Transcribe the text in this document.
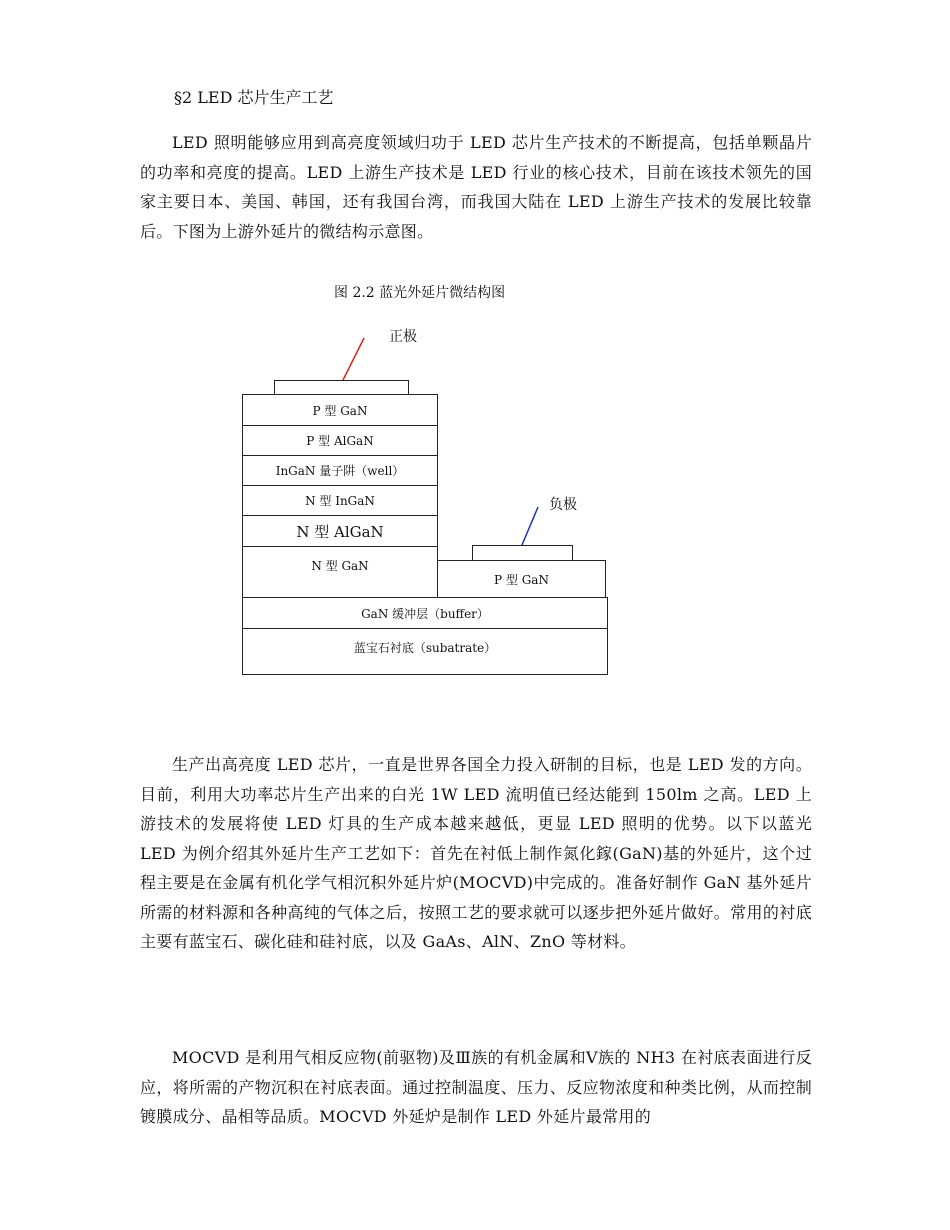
§2 LED 芯片生产工艺
LED 照明能够应用到高亮度领域归功于 LED 芯片生产技术的不断提高，包括单颗晶片的功率和亮度的提高。LED 上游生产技术是 LED 行业的核心技术，目前在该技术领先的国家主要日本、美国、韩国，还有我国台湾，而我国大陆在 LED 上游生产技术的发展比较靠后。下图为上游外延片的微结构示意图。
图 2.2 蓝光外延片微结构图
正极
负极
P 型 GaN
P 型 AlGaN
InGaN 量子阱（well）
N 型 InGaN
N 型 AlGaN
N 型 GaN
P 型 GaN
GaN 缓冲层（buffer）
蓝宝石衬底（subatrate）
生产出高亮度 LED 芯片，一直是世界各国全力投入研制的目标，也是 LED 发的方向。目前，利用大功率芯片生产出来的白光 1W LED 流明值已经达能到 150lm 之高。LED 上游技术的发展将使 LED 灯具的生产成本越来越低，更显 LED 照明的优势。以下以蓝光 LED 为例介绍其外延片生产工艺如下：首先在衬低上制作氮化鎵(GaN)基的外延片，这个过程主要是在金属有机化学气相沉积外延片炉(MOCVD)中完成的。准备好制作 GaN 基外延片所需的材料源和各种高纯的气体之后，按照工艺的要求就可以逐步把外延片做好。常用的衬底主要有蓝宝石、碳化硅和硅衬底，以及 GaAs、AlN、ZnO 等材料。
MOCVD 是利用气相反应物(前驱物)及Ⅲ族的有机金属和Ⅴ族的 NH3 在衬底表面进行反应，将所需的产物沉积在衬底表面。通过控制温度、压力、反应物浓度和种类比例，从而控制镀膜成分、晶相等品质。MOCVD 外延炉是制作 LED 外延片最常用的
